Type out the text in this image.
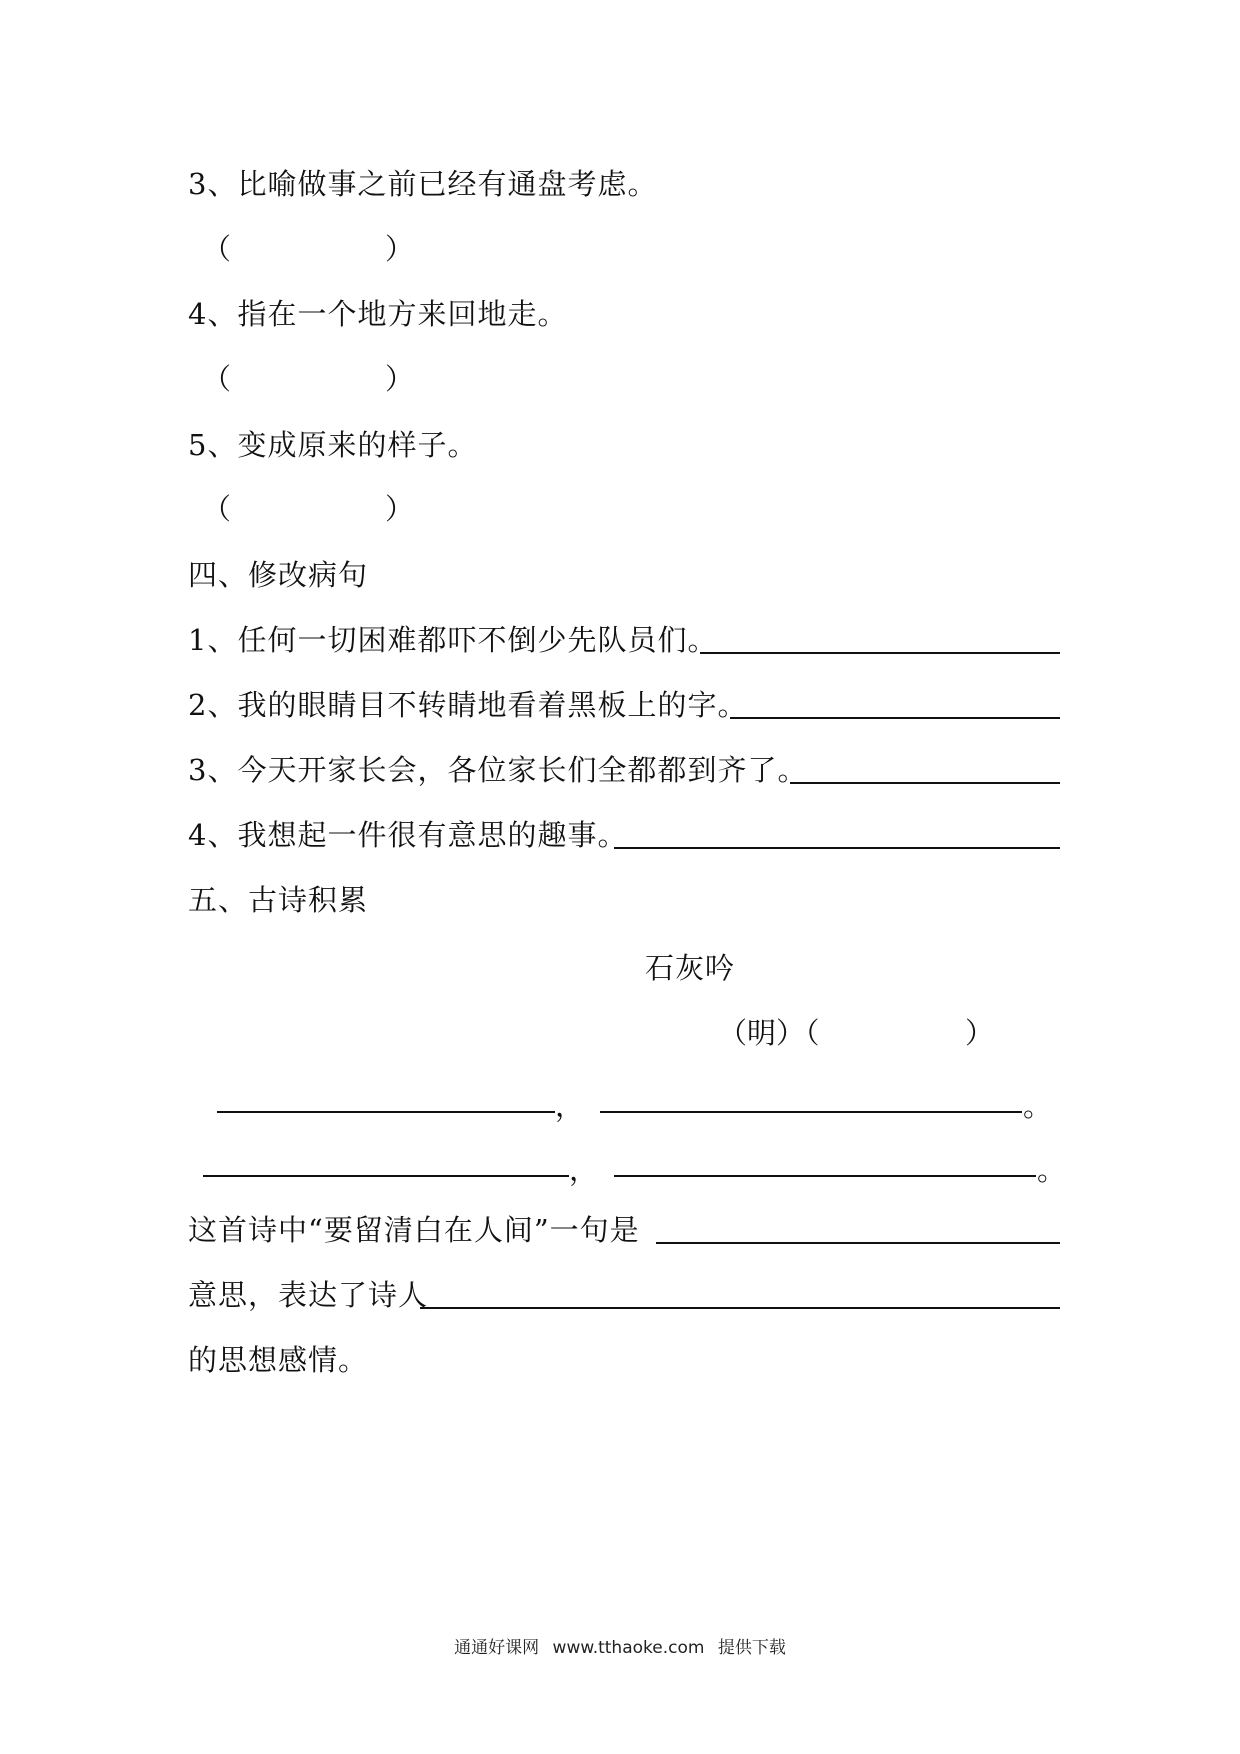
3、比喻做事之前已经有通盘考虑。
（	）
4、指在一个地方来回地走。
（	）
5、变成原来的样子。
（	）
四、修改病句
1、任何一切困难都吓不倒少先队员们。
2、我的眼睛目不转睛地看着黑板上的字。
3、今天开家长会，各位家长们全都都到齐了。
4、我想起一件很有意思的趣事。
五、古诗积累
石灰吟
（明）（	）
，	。
，	。
这首诗中“要留清白在人间”一句是
意思，表达了诗人
的思想感情。
通通好课网 www.tthaoke.com 提供下载
